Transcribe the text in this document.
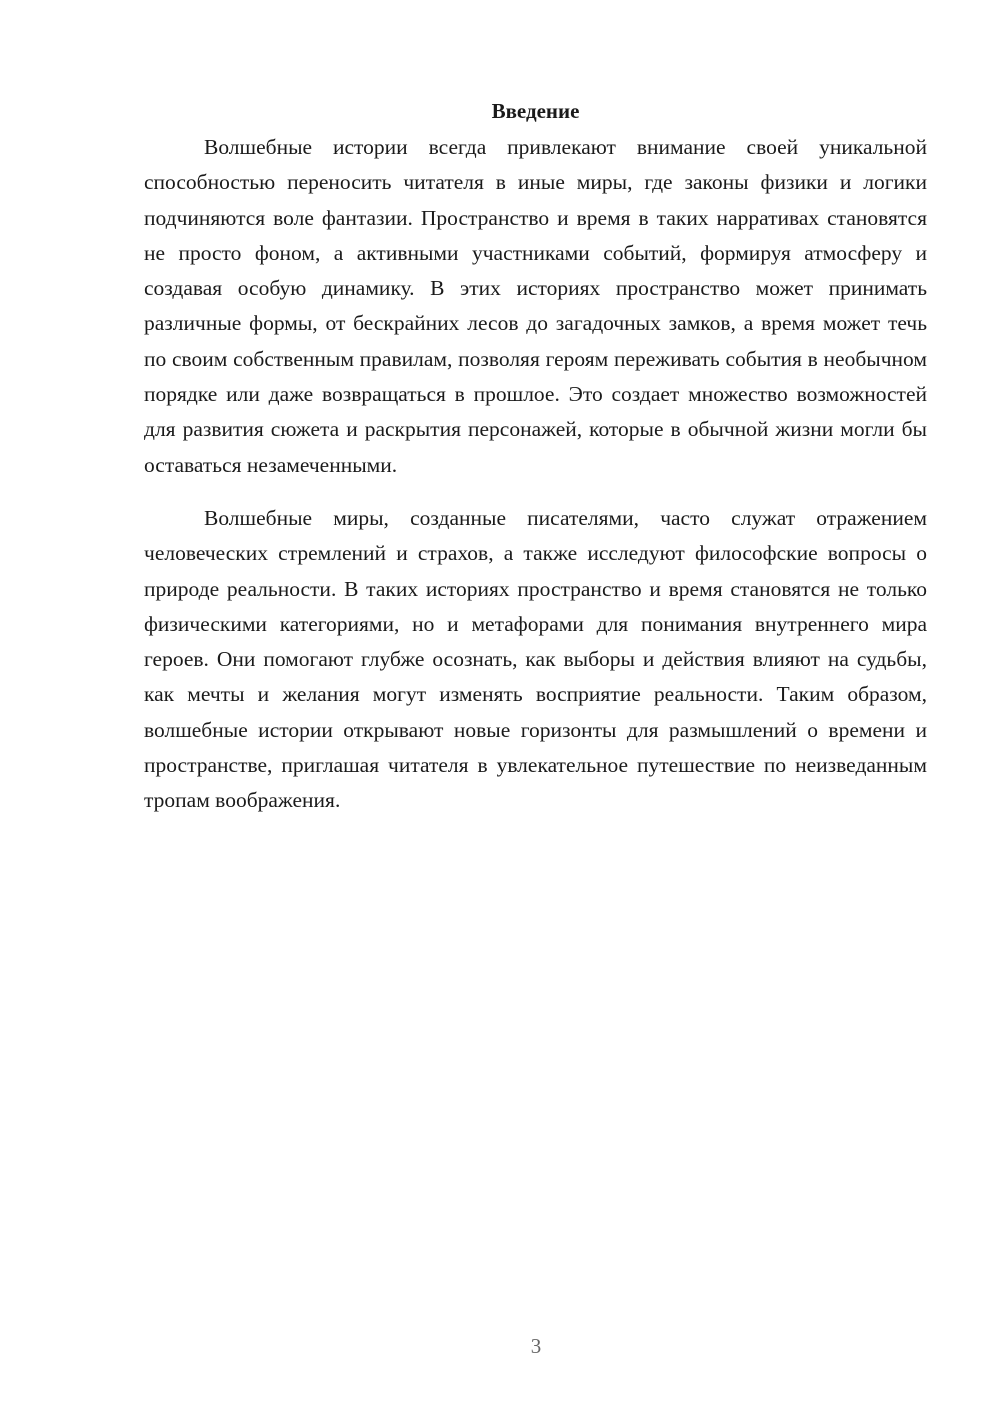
Введение

Волшебные истории всегда привлекают внимание своей уникальной способностью переносить читателя в иные миры, где законы физики и логики подчиняются воле фантазии. Пространство и время в таких нарративах становятся не просто фоном, а активными участниками событий, формируя атмосферу и создавая особую динамику. В этих историях пространство может принимать различные формы, от бескрайних лесов до загадочных замков, а время может течь по своим собственным правилам, позволяя героям переживать события в необычном порядке или даже возвращаться в прошлое. Это создает множество возможностей для развития сюжета и раскрытия персонажей, которые в обычной жизни могли бы оставаться незамеченными.

Волшебные миры, созданные писателями, часто служат отражением человеческих стремлений и страхов, а также исследуют философские вопросы о природе реальности. В таких историях пространство и время становятся не только физическими категориями, но и метафорами для понимания внутреннего мира героев. Они помогают глубже осознать, как выборы и действия влияют на судьбы, как мечты и желания могут изменять восприятие реальности. Таким образом, волшебные истории открывают новые горизонты для размышлений о времени и пространстве, приглашая читателя в увлекательное путешествие по неизведанным тропам воображения.

3
